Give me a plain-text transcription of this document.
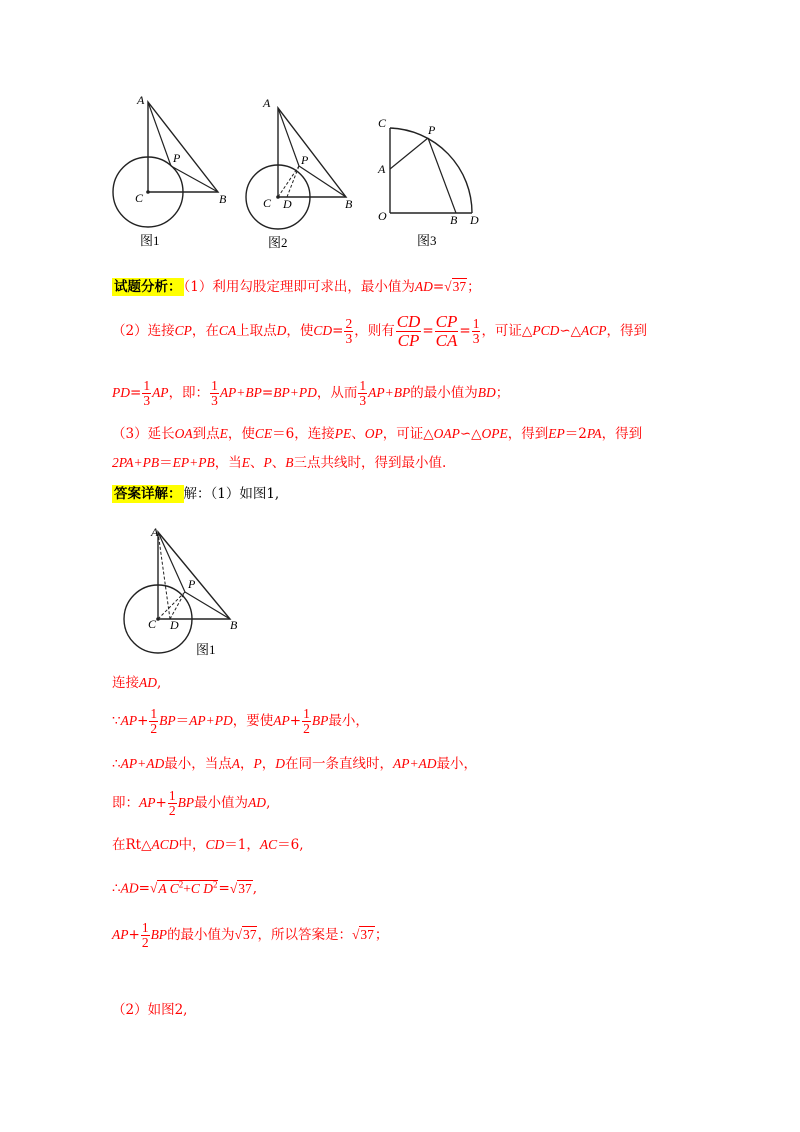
A
P
C	B
图1
A
P
C D	B
图2
C	P
A
O	B D
图3
试题分析： （1）利用勾股定理即可求出，最小值为AD=√37；
（2）连接CP，在CA上取点D，使$CD= \frac{2}{3}$ ，则有 $\frac{CD}{CP} = \frac{CP}{CA} = \frac{1}{3}$ ，可证△PCD∽△ACP，得到
$PD= \frac{1}{3}$ AP，即： $\frac{1}{3} AP+BP=BP+PD$，从而 $\frac{1}{3} AP+BP$的最小值为BD；
（3）延长OA到点E，使CE＝6，连接PE、OP，可证△OAP∽△OPE，得到EP＝2PA，得到
2PA+PB＝EP+PB，当E、P、B三点共线时，得到最小值.
答案详解： 解：（1）如图1,
A
P
C D	B
图1
连接AD,
∵AP+ $\frac{1}{2} BP=AP+PD$，要使$AP+ \frac{1}{2}$ BP最小，
∴AP+AD最小，当点A，P，D在同一条直线时，AP+AD最小，
即：$AP+ \frac{1}{2}$ BP最小值为AD,
在Rt△ACD中，CD＝1，AC＝6,
∴AD=√A $C^2+C$ $D^2=√37$,
$AP+ \frac{1}{2}$ BP的最小值为√37，所以答案是：√37；
（2）如图2,
